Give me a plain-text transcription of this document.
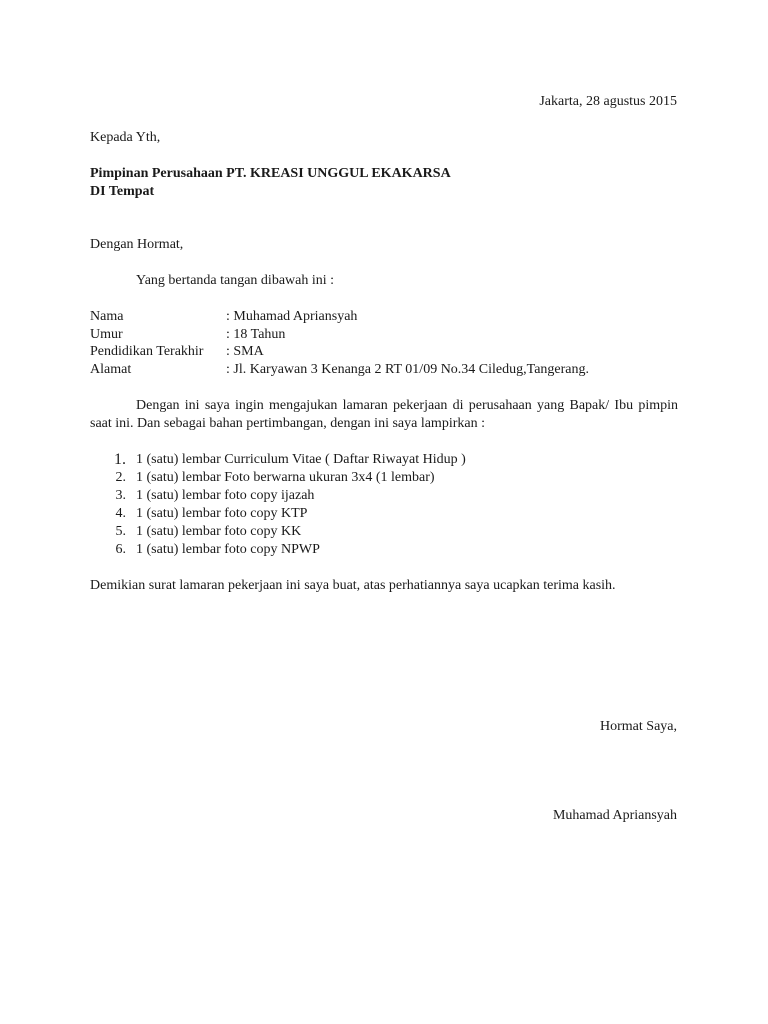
Jakarta, 28 agustus 2015
Kepada Yth,
Pimpinan Perusahaan PT. KREASI UNGGUL EKAKARSA
DI Tempat
Dengan Hormat,
Yang bertanda tangan dibawah ini :
Nama	: Muhamad Apriansyah
Umur	: 18 Tahun
Pendidikan Terakhir : SMA
Alamat	: Jl. Karyawan 3 Kenanga 2 RT 01/09 No.34 Ciledug,Tangerang.
Dengan ini saya ingin mengajukan lamaran pekerjaan di perusahaan yang Bapak/ Ibu pimpin saat ini. Dan sebagai bahan pertimbangan, dengan ini saya lampirkan :
1. 1 (satu) lembar Curriculum Vitae ( Daftar Riwayat Hidup )
2. 1 (satu) lembar Foto berwarna ukuran 3x4 (1 lembar)
3. 1 (satu) lembar foto copy ijazah
4. 1 (satu) lembar foto copy KTP
5. 1 (satu) lembar foto copy KK
6. 1 (satu) lembar foto copy NPWP
Demikian surat lamaran pekerjaan ini saya buat, atas perhatiannya saya ucapkan terima kasih.
Hormat Saya,
Muhamad Apriansyah
